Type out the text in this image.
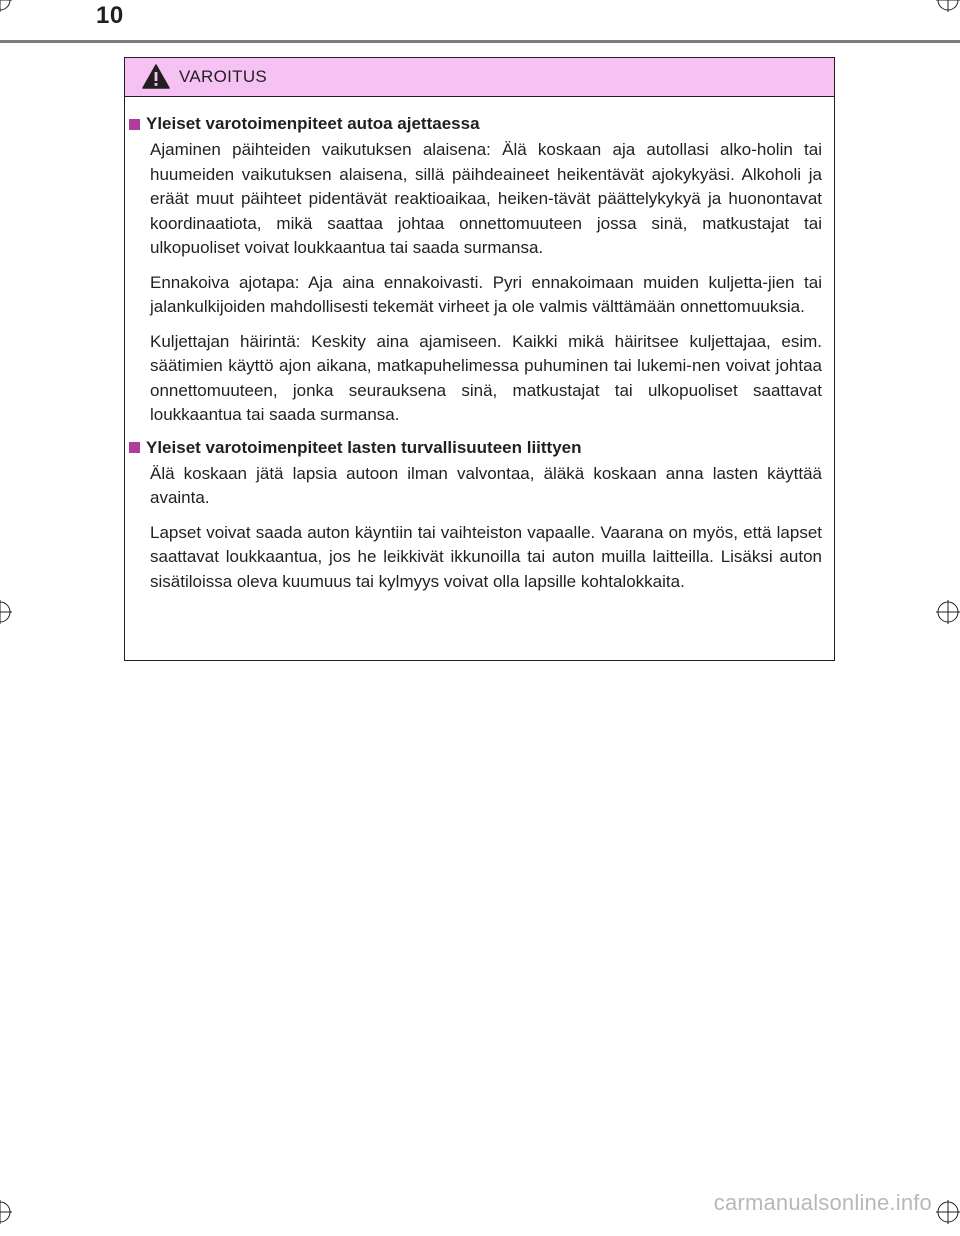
10
VAROITUS
Yleiset varotoimenpiteet autoa ajettaessa

Ajaminen päihteiden vaikutuksen alaisena: Älä koskaan aja autollasi alko-holin tai huumeiden vaikutuksen alaisena, sillä päihdeaineet heikentävät ajokykyäsi. Alkoholi ja eräät muut päihteet pidentävät reaktioaikaa, heiken-tävät päättelykykyä ja huonontavat koordinaatiota, mikä saattaa johtaa onnettomuuteen jossa sinä, matkustajat tai ulkopuoliset voivat loukkaantua tai saada surmansa.

Ennakoiva ajotapa: Aja aina ennakoivasti. Pyri ennakoimaan muiden kuljetta-jien tai jalankulkijoiden mahdollisesti tekemät virheet ja ole valmis välttämään onnettomuuksia.

Kuljettajan häirintä: Keskity aina ajamiseen. Kaikki mikä häiritsee kuljettajaa, esim. säätimien käyttö ajon aikana, matkapuhelimessa puhuminen tai lukemi-nen voivat johtaa onnettomuuteen, jonka seurauksena sinä, matkustajat tai ulkopuoliset saattavat loukkaantua tai saada surmansa.

Yleiset varotoimenpiteet lasten turvallisuuteen liittyen

Älä koskaan jätä lapsia autoon ilman valvontaa, äläkä koskaan anna lasten käyttää avainta.

Lapset voivat saada auton käyntiin tai vaihteiston vapaalle. Vaarana on myös, että lapset saattavat loukkaantua, jos he leikkivät ikkunoilla tai auton muilla laitteilla. Lisäksi auton sisätiloissa oleva kuumuus tai kylmyys voivat olla lapsille kohtalokkaita.

carmanualsonline.info
